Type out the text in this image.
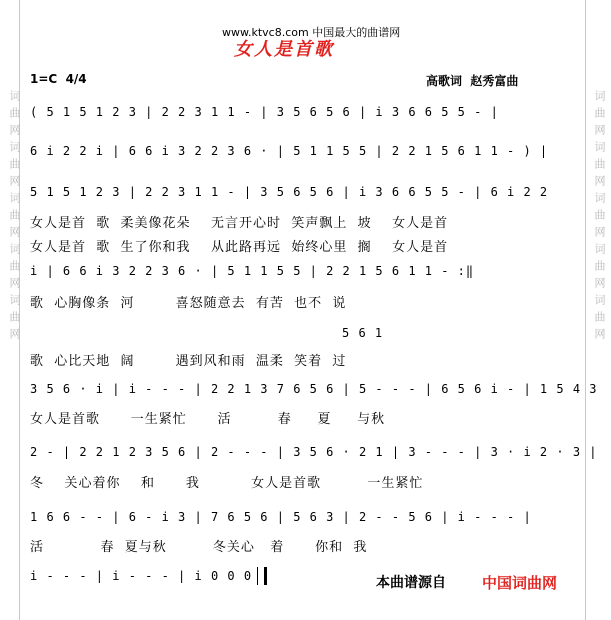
词曲网词曲网词曲网词曲网词曲网	词曲网词曲网词曲网词曲网词曲网
www.ktvc8.com 中国最大的曲谱网
女人是首歌
1=C  4/4	高歌词  赵秀富曲
( 5 1 5 1 2 3 | 2 2 3 1 1 - | 3 5 6 5 6 | i 3 6 6 5 5 - |
6 i 2 2 i | 6 6 i 3 2 2 3 6 · | 5 1 1 5 5 | 2 2 1 5 6 1 1 - ) |
5 1 5 1 2 3 | 2 2 3 1 1 - | 3 5 6 5 6 | i 3 6 6 5 5 - | 6 i 2 2
女人是首  歌  柔美像花朵    无言开心时  笑声飘上  坡    女人是首
女人是首  歌  生了你和我    从此路再远  始终心里  搁    女人是首
i | 6 6 i 3 2 2 3 6 · | 5 1 1 5 5 | 2 2 1 5 6 1 1 - :‖
歌  心胸像条  河        喜怒随意去  有苦  也不  说
5 6 1
歌  心比天地  阔        遇到风和雨  温柔  笑着  过
3 5 6 · i | i - - - | 2 2 1 3 7 6 5 6 | 5 - - - | 6 5 6 i - | 1 5 4 3
女人是首歌      一生紧忙      活         春     夏     与秋
2 - | 2 2 1 2 3 5 6 | 2 - - - | 3 5 6 · 2 1 | 3 - - - | 3 · i 2 · 3 |
冬    关心着你    和      我          女人是首歌         一生紧忙
1 6 6 - - | 6 - i 3 | 7 6 5 6 | 5 6 3 | 2 - - 5 6 | i - - - |
活           春  夏与秋         冬关心   着      你和  我
i - - - | i - - - | i 0 0 0	本曲谱源自 中国词曲网
